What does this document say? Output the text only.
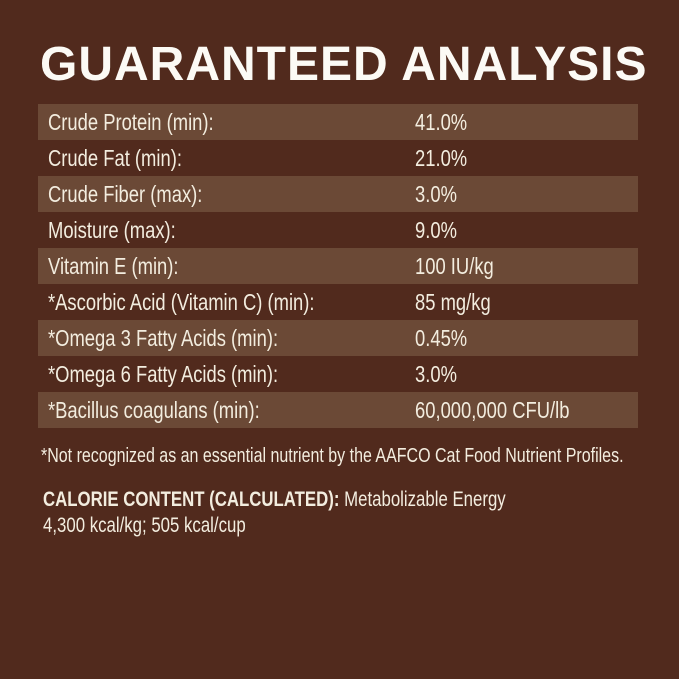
GUARANTEED ANALYSIS
Crude Protein (min):	41.0%
Crude Fat (min):	21.0%
Crude Fiber (max):	3.0%
Moisture (max):	9.0%
Vitamin E (min):	100 IU/kg
*Ascorbic Acid (Vitamin C) (min):	85 mg/kg
*Omega 3 Fatty Acids (min):	0.45%
*Omega 6 Fatty Acids (min):	3.0%
*Bacillus coagulans (min):	60,000,000 CFU/lb

*Not recognized as an essential nutrient by the AAFCO Cat Food Nutrient Profiles.

CALORIE CONTENT (CALCULATED): Metabolizable Energy
4,300 kcal/kg; 505 kcal/cup
